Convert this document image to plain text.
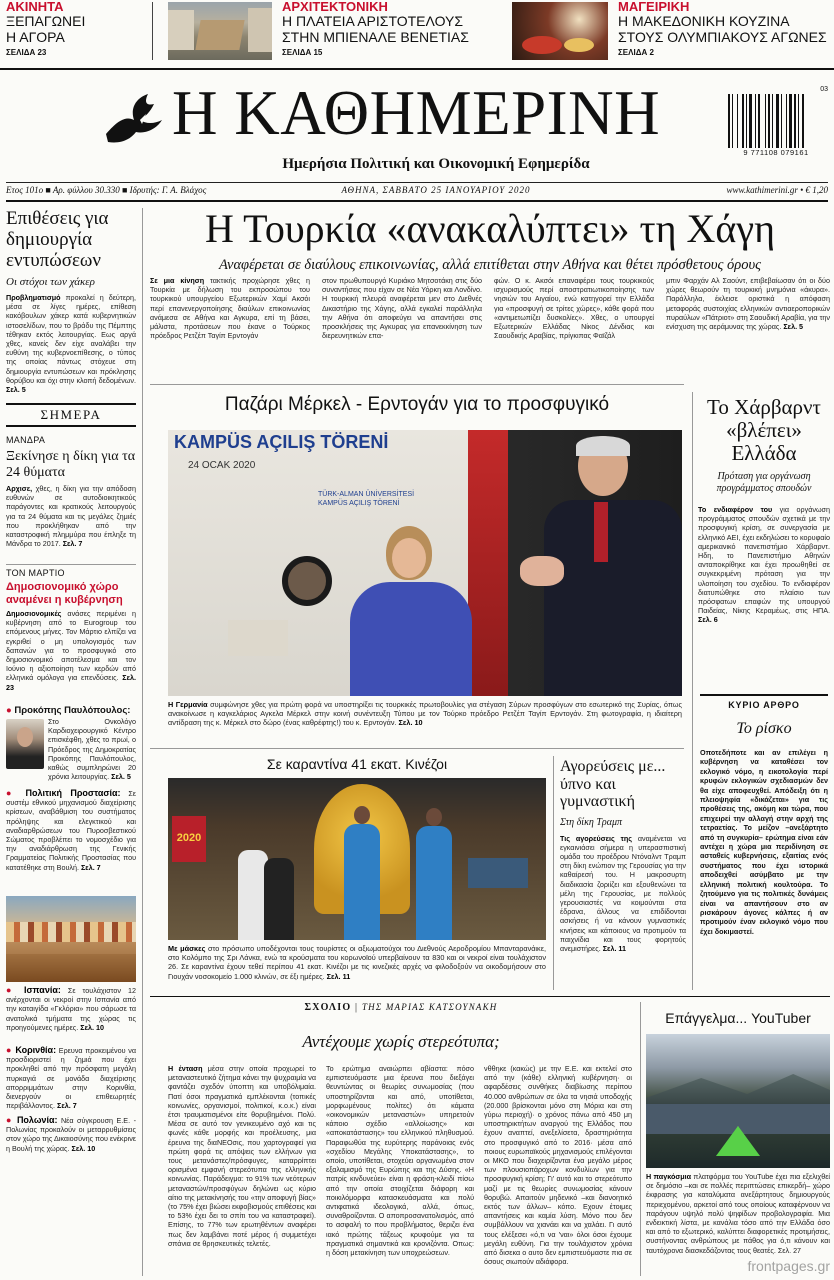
ΑΚΙΝΗΤΑ
ΞΕΠΑΓΩΝΕΙ Η ΑΓΟΡΑ
ΣΕΛΙΔΑ 23
ΑΡΧΙΤΕΚΤΟΝΙΚΗ
Η ΠΛΑΤΕΙΑ ΑΡΙΣΤΟΤΕΛΟΥΣ ΣΤΗΝ ΜΠΙΕΝΑΛΕ ΒΕΝΕΤΙΑΣ
ΣΕΛΙΔΑ 15
ΜΑΓΕΙΡΙΚΗ
Η ΜΑΚΕΔΟΝΙΚΗ ΚΟΥΖΙΝΑ ΣΤΟΥΣ ΟΛΥΜΠΙΑΚΟΥΣ ΑΓΩΝΕΣ
ΣΕΛΙΔΑ 2
Η ΚΑΘΗΜΕΡΙΝΗ
Ημερήσια Πολιτική και Οικονομική Εφημερίδα
03
9 771108 079161
Ετος 101ο ■ Αρ. φύλλου 30.330 ■ Ιδρυτής: Γ. Α. Βλάχος	ΑΘΗΝΑ, ΣΑΒΒΑΤΟ 25 ΙΑΝΟΥΑΡΙΟΥ 2020	www.kathimerini.gr • € 1,20
Επιθέσεις για δημιουργία εντυπώσεων
Οι στόχοι των χάκερ
Προβληματισμό προκαλεί η δεύτερη, μέσα σε λίγες ημέρες, επίθεση κακόβουλων χάκερ κατά κυβερνητικών ιστοσελίδων, που το βράδυ της Πέμπτης τέθηκαν εκτός λειτουργίας. Εως αργά χθες, κανείς δεν είχε αναλάβει την ευθύνη της κυβερνοεπίθεσης, ο τύπος της οποίας πάντως στόχευε στη δημιουργία εντυπώσεων και πρόκλησης θορύβου και όχι στην κλοπή δεδομένων. Σελ. 5
ΣΗΜΕΡΑ
ΜΑΝΔΡΑ
Ξεκίνησε η δίκη για τα 24 θύματα
Αρχισε, χθες, η δίκη για την απόδοση ευθυνών σε αυτοδιοικητικούς παράγοντες και κρατικούς λειτουργούς για τα 24 θύματα και τις μεγάλες ζημιές που προκλήθηκαν από την καταστροφική πλημμύρα που έπληξε τη Μάνδρα το 2017. Σελ. 7
ΤΟΝ ΜΑΡΤΙΟ
Δημοσιονομικό χώρο αναμένει η κυβέρνηση
Δημοσιονομικές ανάσες περιμένει η κυβέρνηση από το Eurogroup του επόμενους μήνες. Τον Μάρτιο ελπίζει να εγκριθεί ο μη υπολογισμός των δαπανών για το προσφυγικό στο δημοσιονομικό αποτέλεσμα και τον Ιούνιο η αξιοποίηση των κερδών από ελληνικά ομόλογα για επενδύσεις. Σελ. 23
● Προκόπης Παυλόπουλος:
Στο Ονκολόγο Καρδιοχειρουργικό Κέντρο επισκέφθη, χθες το πρωί, ο Πρόεδρος της Δημοκρατίας Προκόπης Παυλόπουλος, καθώς συμπληρώνει 20 χρόνια λειτουργίας. Σελ. 5
● Πολιτική Προστασία: Σε συστέμ εθνικού μηχανισμού διαχείρισης κρίσεων, αναβάθμιση του συστήματος πρόληψης και ελεγκτικού και αναδιαρθρώσεων του Πυροσβεστικού Σώματος προβλέπει το νομοσχέδιο για την αναδιάρθρωση της Γενικής Γραμματείας Πολιτικής Προστασίας που κατατέθηκε στη Βουλή. Σελ. 7
● Ισπανία: Σε τουλάχιστον 12 ανέρχονται οι νεκροί στην Ισπανία από την καταιγίδα «Γκλόρια» που σάρωσε τα ανατολικά τμήματα της χώρας τις προηγούμενες ημέρες. Σελ. 10
● Κορινθία: Ερευνα προκειμένου να προσδιοριστεί η ζημιά που έχει προκληθεί από την πρόσφατη μεγάλη πυρκαγιά σε μονάδα διαχείρισης απορριμμάτων στην Κορινθία, διενεργούν οι επιθεωρητές περιβάλλοντος. Σελ. 7
● Πολωνία: Νέα σύγκρουση Ε.Ε. - Πολωνίας προκαλούν οι μεταρρυθμίσεις στον χώρο της Δικαιοσύνης που ενέκρινε η Βουλή της χώρας. Σελ. 10
Η Τουρκία «ανακαλύπτει» τη Χάγη
Αναφέρεται σε διαύλους επικοινωνίας, αλλά επιτίθεται στην Αθήνα και θέτει πρόσθετους όρους
Σε μια κίνηση τακτικής προχώρησε χθες η Τουρκία με δήλωση του εκπροσώπου του τουρκικού υπουργείου Εξωτερικών Χαμί Ακσόι περί επανενεργοποίησης διαύλων επικοινωνίας ανάμεσα σε Αθήνα και Αγκυρα, επί τη βάσει, μάλιστα, προτάσεων που έκανε ο Τούρκος πρόεδρος Ρετζέπ Ταγίπ Ερντογάν
στον πρωθυπουργό Κυριάκο Μητσοτάκη στις δύο συναντήσεις που είχαν σε Νέα Υόρκη και Λονδίνο. Η τουρκική πλευρά αναφέρεται μεν στο Διεθνές Δικαστήριο της Χάγης, αλλά εγκαλεί παράλληλα την Αθήνα ότι αποφεύγει να απαντήσει στις προσκλήσεις της Αγκυρας για επανεκκίνηση των διερευνητικών επα-
φών. Ο κ. Ακσόι επαναφέρει τους τουρκικούς ισχυρισμούς περί αποστρατιωτικοποίησης των νησιών του Αιγαίου, ενώ κατηγορεί την Ελλάδα για «προσφυγή σε τρίτες χώρες», κάθε φορά που «αντιμετωπίζει δυσκολίες». Χθες, ο υπουργεί Εξωτερικών Ελλάδας Νίκος Δένδιας και Σαουδικής Αραβίας, πρίγκιπας Φαϊζάλ
μπιν Φαρχάν Αλ Σαούντ, επιβεβαίωσαν ότι οι δύο χώρες θεωρούν τη τουρκική μνημόνια «άκυρα». Παράλληλα, έκλεισε οριστικά η απόφαση μεταφοράς συστοιχίας ελληνικών αντιαεροπορικών πυραύλων «Πάτριοτ» στη Σαουδική Αραβία, για την ενίσχυση της αεράμυνας της χώρας. Σελ. 5
Παζάρι Μέρκελ - Ερντογάν για το προσφυγικό
KAMPÜS AÇILIŞ TÖRENİ
24 OCAK 2020
TÜRK-ALMAN ÜNİVERSİTESİ KAMPÜS AÇILIŞ TÖRENİ
Η Γερμανία συμφώνησε χθες για πρώτη φορά να υποστηρίξει τις τουρκικές πρωτοβουλίες για στέγαση Σύρων προσφύγων στο εσωτερικό της Συρίας, όπως ανακοίνωσε η καγκελάριος Αγκελα Μέρκελ στην κοινή συνέντευξη Τύπου με τον Τούρκο πρόεδρο Ρετζέπ Ταγίπ Ερντογάν. Στη φωτογραφία, η ιδιαίτερη αντίδραση της κ. Μέρκελ στο δώρο (ένας καθρέφτης!) του κ. Ερντογάν. Σελ. 10
Το Χάρβαρντ «βλέπει» Ελλάδα
Πρόταση για οργάνωση προγράμματος σπουδών
Το ενδιαφέρον του για οργάνωση προγράμματος σπουδών σχετικά με την προσφυγική κρίση, σε συνεργασία με ελληνικό ΑΕΙ, έχει εκδηλώσει το κορυφαίο αμερικανικό πανεπιστήμιο Χάρβαρντ. Ηδη, το Πανεπιστήμιο Αθηνών ανταποκρίθηκε και έχει προωθηθεί σε συγκεκριμένη πρόταση για την υλοποίηση του σχεδίου. Το ενδιαφέρον διατυπώθηκε στο πλαίσιο των πρόσφατων επαφών της υπουργού Παιδείας, Νίκης Κεραμέως, στις ΗΠΑ. Σελ. 6
ΚΥΡΙΟ ΑΡΘΡΟ
Το ρίσκο
Οποτεδήποτε και αν επιλέγει η κυβέρνηση να καταθέσει τον εκλογικό νόμο, η εικοτολογία περί κρυφών εκλογικών σχεδιασμών δεν θα είχε αποφευχθεί. Απόδειξη ότι η πλειοψηφία «δικάζεται» για τις προθέσεις της, ακόμη και τώρα, που επιχειρεί την αλλαγή στην αρχή της τετραετίας. Το μείζον –ανεξάρτητο από τη συγκυρία– ερώτημα είναι εάν αντέχει η χώρα μια περιδίνηση σε ασταθείς κυβερνήσεις, εξαιτίας ενός συστήματος που έχει ιστορικά αποδειχθεί ασύμβατο με την ελληνική πολιτική κουλτούρα. Το ζητούμενο για τις πολιτικές δυνάμεις είναι να απαντήσουν στο αν ρισκάρουν άγονες κάλπες ή αν προτιμούν έναν εκλογικό νόμο που έχει δοκιμαστεί.
Σε καραντίνα 41 εκατ. Κινέζοι
2020
Με μάσκες στο πρόσωπο υποδέχονται τους τουρίστες οι αξιωματούχοι του Διεθνούς Αεροδρομίου Μπανταρανάικε, στο Κολόμπο της Σρι Λάνκα, ενώ τα κρούσματα του κορωνοϊού υπερβαίνουν τα 830 και οι νεκροί είναι τουλάχιστον 26. Σε καραντίνα έχουν τεθεί περίπου 41 εκατ. Κινέζοι με τις κινεζικές αρχές να φιλοδοξούν να οικοδομήσουν στο Γιουχάν νοσοκομείο 1.000 κλινών, σε έξι ημέρες. Σελ. 11
Αγορεύσεις με... ύπνο και γυμναστική
Στη δίκη Τραμπ
Τις αγορεύσεις της αναμένεται να εγκαινιάσει σήμερα η υπερασπιστική ομάδα του προέδρου Ντόναλντ Τραμπ στη δίκη ενώπιον της Γερουσίας για την καθαίρεσή του. Η μακροσυρτη διαδικασία ζοριίζει και εξουθενώνει τα μέλη της Γερουσίας, με πολλούς γερουσιαστές να κοιμούνται στα έδρανα, άλλους να επιδίδονται ασκήσεις ή να κάνουν γυμναστικές κινήσεις και κάποιους να προτιμούν τα παιχνίδια και τους φορητούς ανεμιστήρες. Σελ. 11
ΣΧΟΛΙΟ | ΤΗΣ ΜΑΡΙΑΣ ΚΑΤΣΟΥΝΑΚΗ
Αντέχουμε χωρίς στερεότυπα;
Η ένταση μέσα στην οποία προχωρεί το μεταναστευτικό ζήτημα κάνει την ψυχραιμία να φαντάζει σχεδόν ύποπτη και υποβόλιμαία. Πατί όσοι πραγματικά εμπλέκονται (τοπικές κοινωνίες, οργανισμοί, πολιτικοί, κ.ο.κ.) είναι έτσι τραυματισμένοι είτε θορυβημένοι. Πολύ. Μέσα σε αυτό τον γενικευμένο αχό και τις φωνές κάθε μορφής και προέλευσης, μια έρευνα της διαΝΕΟσις, που χαρτογραφεί για πρώτη φορά τις απόψεις των ελλήνων για τους μετανάστες/πρόσφυγες, καταρρίπτει ορισμένα εμφανή στερεότυπα της ελληνικής κοινωνίας. Παράδειγμα: το 91% των νεότερων μεταναστών/προσφύγων δηλώνει ως κύριο αίτιο της μετακίνησής του «την αποφυγή βίας» (το 75% έχει βιώσει εκφοβισμούς επιθέσεις και το 53% έχει δει το σπίτι του να καταστραφεί). Επίσης, το 77% των ερωτηθέντων αναφέρει πως δεν λαμβάνει ποτέ μέρος ή συμμετέχει σπάνια σε θρησκευτικές τελετές.
Το ερώτημα αναιώρπει αβίαστα: πόσο εμπιστευόμαστε μια έρευνα που διεξάγει θευντώντας οι θεωρίες συνωμοσίας (που υποστηρίζονται και από, υποτίθεται, μορφωμένους πολίτες) ότι κάματα «οικονομικών μεταναστών» υπηρετούν κάποιο σχέδιο «αλλοίωσης» και «αποκατάστασης» του ελληνικού πληθυσμού. Παραφωθύα της ευρύτερης παράνοιας ενός «σχεδίου Μεγάλης Υποκατάστασης», το οποίο, υποτίθεται, στοχεύει οργανωμένα στον εξαλαμισμό της Ευρώπης και της Δύσης. «Η πατρίς κινδυνεύει» είναι η φράση-κλειδί πίσω από την οποία στοιχίζεται διάφορη και ποικιλόμορφα κατασκευάσματα και πολύ αντιφατικά ιδεολογικά, αλλά, όπως, συναθροίζονται. Ο αποπροσανατολισμός, από το ασφαλή το που προβλήματος, θεριζει ένα ιακό πρώτης τάξεως κρυφούμε για τα πραγματικά σημαντικά και κρονιζόντα. Οπως: η δόση μετακίνηση των υποχρεώσεων.
νθθηκε (κακώς) με την Ε.Ε. και εκτελεί στο από την (κάθε) ελληνική κυβέρνηση· οι αφαρδέσεις συνθήκες διαβίωσης περίπου 40.000 ανθρώπων σε όλα τα νησιά υποδοχής (20.000 βρίσκονται μόνο στη Μόρια και στη γύρω περιοχή)· ο χρόνος πάνω από 450 μη υποστηρικτήτων αναργού της Ελλάδος που έχουν αναπτεί, ανεξελίσετα, δραστηριότητα στο προσφυγικό από το 2016· μέσα από ποιους ευρωπαϊκούς μηχανισμούς επιλέγονται οι ΜΚΟ που διαχειρίζονται ένα μεγάλο μέρος των πλουσιοπάροχων κονδυλίων για την προσφυγική κρίση; Γι' αυτό και το στερεότυπο μαζί με τις θεωρίες συνωμοσίας κάνουν θορυβώ. Απαιτούν μηδενικό –και διανοητικό εκτός των άλλων– κόπο. Εχουν έτοιμες απαντήσεις και καμία λύση. Μόνο που δεν συμβάλλουν να χιανάει και να χαλάει. Γι αυτό τους ελέξεσει «ό,τι να 'ναι» όλοι όσοι έχουμε μεγάλη ευθύνη. Για την τουλάχιστον χρόνια από δισεκα ο αυτο δεν εμπιστευόμαστε πια σε όσους σιωπούν αδιάφορα.
Επάγγελμα... YouTuber
Η παγκόσμια πλατφόρμα του YouTube έχει πια εξελιχθεί σε δημόσιο –και σε πολλές περιπτώσεις επικερδή– χώρο έκφρασης για καταλύματα ανεξάρτητους δημιουργούς περιεχομένου, αρκετοί από τους οποίους καταφέρνουν να παράγουν υψηλό πολύ ψηφίδων προβολογραφία. Μια ενδεικτική λίστα, με κανάλια τόσο από την Ελλάδα όσο και από το εξωτερικό, καλύπτει διαφορετικές προτιμήσεις, συστήνοντας ανθρώπους με πάθος για ό,τι κάνουν και ταυτόχρονα διασκεδάζοντας τους θεατές. Σελ. 27
frontpages.gr
